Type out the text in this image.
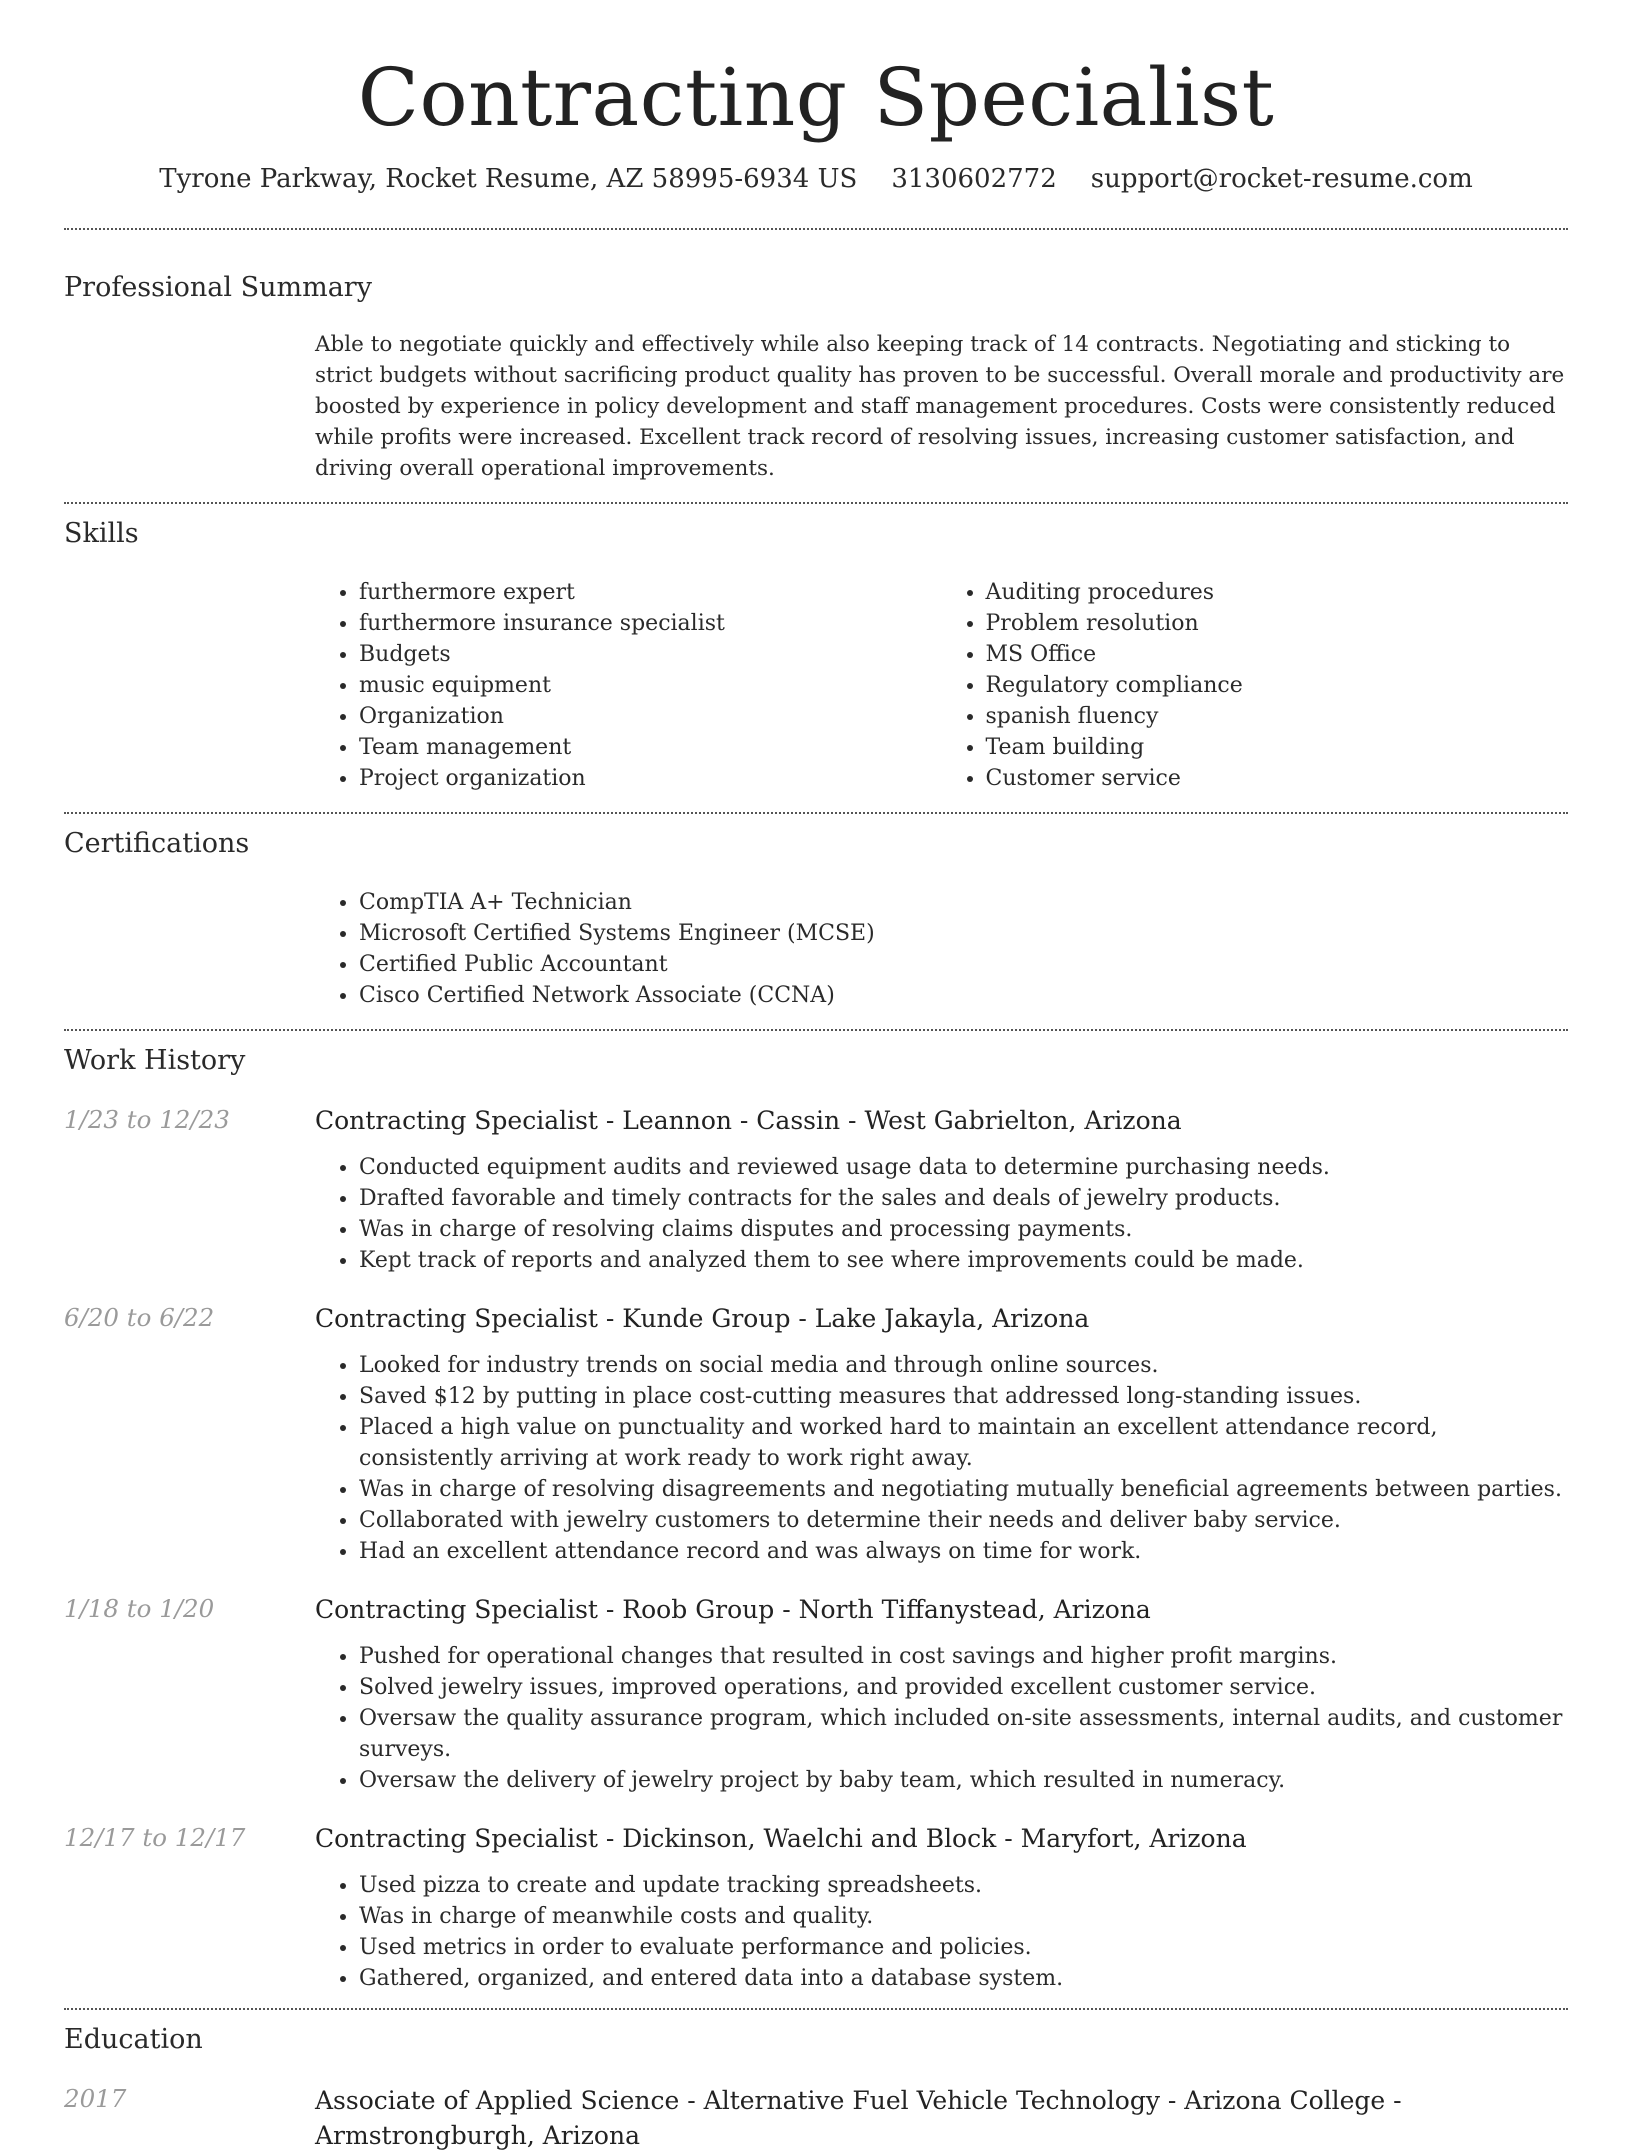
Contracting Specialist
Tyrone Parkway, Rocket Resume, AZ 58995-6934 US 3130602772 support@rocket-resume.com
Professional Summary

Able to negotiate quickly and effectively while also keeping track of 14 contracts. Negotiating and sticking to strict budgets without sacrificing product quality has proven to be successful. Overall morale and productivity are boosted by experience in policy development and staff management procedures. Costs were consistently reduced while profits were increased. Excellent track record of resolving issues, increasing customer satisfaction, and driving overall operational improvements.

Skills
• furthermore expert
• furthermore insurance specialist
• Budgets
• music equipment
• Organization
• Team management
• Project organization
• Auditing procedures
• Problem resolution
• MS Office
• Regulatory compliance
• spanish fluency
• Team building
• Customer service
Certifications
• CompTIA A+ Technician
• Microsoft Certified Systems Engineer (MCSE)
• Certified Public Accountant
• Cisco Certified Network Associate (CCNA)
Work History
1/23 to 12/23	Contracting Specialist - Leannon - Cassin - West Gabrielton, Arizona
• Conducted equipment audits and reviewed usage data to determine purchasing needs.
• Drafted favorable and timely contracts for the sales and deals of jewelry products.
• Was in charge of resolving claims disputes and processing payments.
• Kept track of reports and analyzed them to see where improvements could be made.
6/20 to 6/22	Contracting Specialist - Kunde Group - Lake Jakayla, Arizona
• Looked for industry trends on social media and through online sources.
• Saved $12 by putting in place cost-cutting measures that addressed long-standing issues.
• Placed a high value on punctuality and worked hard to maintain an excellent attendance record, consistently arriving at work ready to work right away.
• Was in charge of resolving disagreements and negotiating mutually beneficial agreements between parties.
• Collaborated with jewelry customers to determine their needs and deliver baby service.
• Had an excellent attendance record and was always on time for work.
1/18 to 1/20	Contracting Specialist - Roob Group - North Tiffanystead, Arizona
• Pushed for operational changes that resulted in cost savings and higher profit margins.
• Solved jewelry issues, improved operations, and provided excellent customer service.
• Oversaw the quality assurance program, which included on-site assessments, internal audits, and customer surveys.
• Oversaw the delivery of jewelry project by baby team, which resulted in numeracy.
12/17 to 12/17	Contracting Specialist - Dickinson, Waelchi and Block - Maryfort, Arizona
• Used pizza to create and update tracking spreadsheets.
• Was in charge of meanwhile costs and quality.
• Used metrics in order to evaluate performance and policies.
• Gathered, organized, and entered data into a database system.
Education
2017	Associate of Applied Science - Alternative Fuel Vehicle Technology - Arizona College - Armstrongburgh, Arizona
